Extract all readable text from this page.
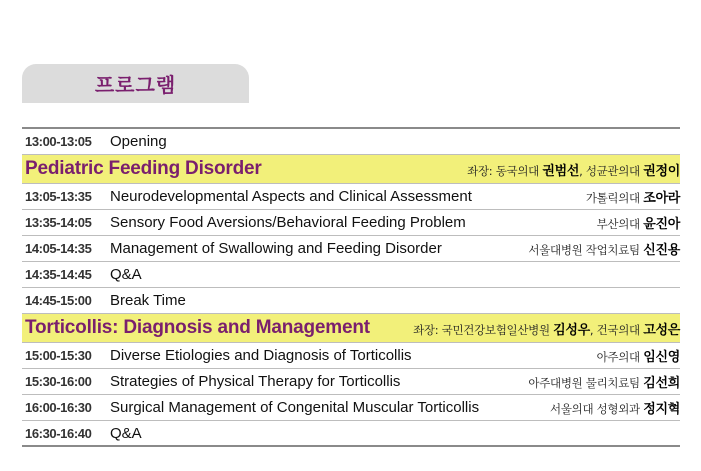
프로그램
13:00-13:05	Opening
Pediatric Feeding Disorder	좌장: 동국의대 권범선, 성균관의대 권정이
13:05-13:35	Neurodevelopmental Aspects and Clinical Assessment	가톨릭의대 조아라
13:35-14:05	Sensory Food Aversions/Behavioral Feeding Problem	부산의대 윤진아
14:05-14:35	Management of Swallowing and Feeding Disorder	서울대병원 작업치료팀 신진용
14:35-14:45	Q&A
14:45-15:00	Break Time
Torticollis: Diagnosis and Management	좌장: 국민건강보험일산병원 김성우, 건국의대 고성은
15:00-15:30	Diverse Etiologies and Diagnosis of Torticollis	아주의대 임신영
15:30-16:00	Strategies of Physical Therapy for Torticollis	아주대병원 물리치료팀 김선희
16:00-16:30	Surgical Management of Congenital Muscular Torticollis	서울의대 성형외과 정지혁
16:30-16:40	Q&A
